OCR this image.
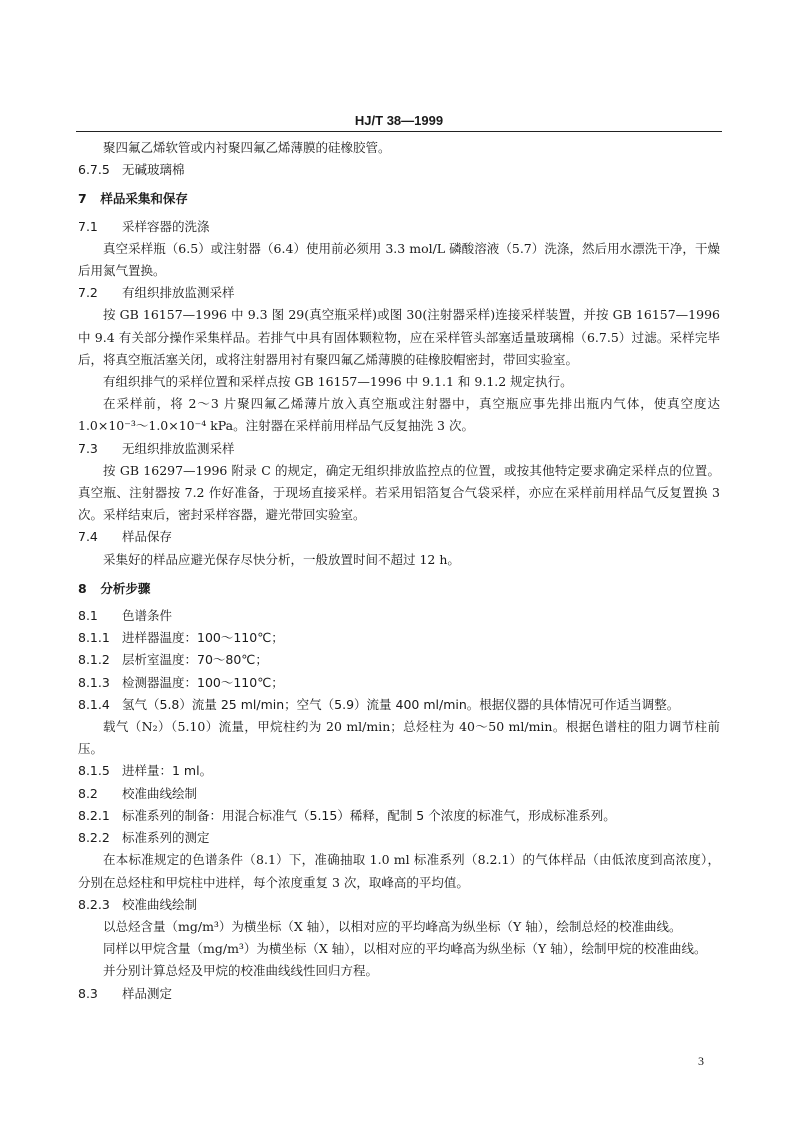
HJ/T 38—1999
聚四氟乙烯软管或内衬聚四氟乙烯薄膜的硅橡胶管。
6.7.5 无碱玻璃棉
7 样品采集和保存
7.1 采样容器的洗涤
真空采样瓶（6.5）或注射器（6.4）使用前必须用 3.3 mol/L 磷酸溶液（5.7）洗涤，然后用水漂洗干净，干燥后用氮气置换。
7.2 有组织排放监测采样
按 GB 16157—1996 中 9.3 图 29(真空瓶采样)或图 30(注射器采样)连接采样装置，并按 GB 16157—1996 中 9.4 有关部分操作采集样品。若排气中具有固体颗粒物，应在采样管头部塞适量玻璃棉（6.7.5）过滤。采样完毕后，将真空瓶活塞关闭，或将注射器用衬有聚四氟乙烯薄膜的硅橡胶帽密封，带回实验室。
有组织排气的采样位置和采样点按 GB 16157—1996 中 9.1.1 和 9.1.2 规定执行。
在采样前，将 2～3 片聚四氟乙烯薄片放入真空瓶或注射器中，真空瓶应事先排出瓶内气体，使真空度达 1.0×10⁻³～1.0×10⁻⁴ kPa。注射器在采样前用样品气反复抽洗 3 次。
7.3 无组织排放监测采样
按 GB 16297—1996 附录 C 的规定，确定无组织排放监控点的位置，或按其他特定要求确定采样点的位置。真空瓶、注射器按 7.2 作好准备，于现场直接采样。若采用铝箔复合气袋采样，亦应在采样前用样品气反复置换 3 次。采样结束后，密封采样容器，避光带回实验室。
7.4 样品保存
采集好的样品应避光保存尽快分析，一般放置时间不超过 12 h。
8 分析步骤
8.1 色谱条件
8.1.1 进样器温度：100～110℃；
8.1.2 层析室温度：70～80℃；
8.1.3 检测器温度：100～110℃；
8.1.4 氢气（5.8）流量 25 ml/min；空气（5.9）流量 400 ml/min。根据仪器的具体情况可作适当调整。
载气（N₂）（5.10）流量，甲烷柱约为 20 ml/min；总烃柱为 40～50 ml/min。根据色谱柱的阻力调节柱前压。
8.1.5 进样量：1 ml。
8.2 校准曲线绘制
8.2.1 标准系列的制备：用混合标准气（5.15）稀释，配制 5 个浓度的标准气，形成标准系列。
8.2.2 标准系列的测定
在本标准规定的色谱条件（8.1）下，准确抽取 1.0 ml 标准系列（8.2.1）的气体样品（由低浓度到高浓度），分别在总烃柱和甲烷柱中进样，每个浓度重复 3 次，取峰高的平均值。
8.2.3 校准曲线绘制
以总烃含量（mg/m³）为横坐标（X 轴），以相对应的平均峰高为纵坐标（Y 轴），绘制总烃的校准曲线。
同样以甲烷含量（mg/m³）为横坐标（X 轴），以相对应的平均峰高为纵坐标（Y 轴），绘制甲烷的校准曲线。
并分别计算总烃及甲烷的校准曲线线性回归方程。
8.3 样品测定
3
